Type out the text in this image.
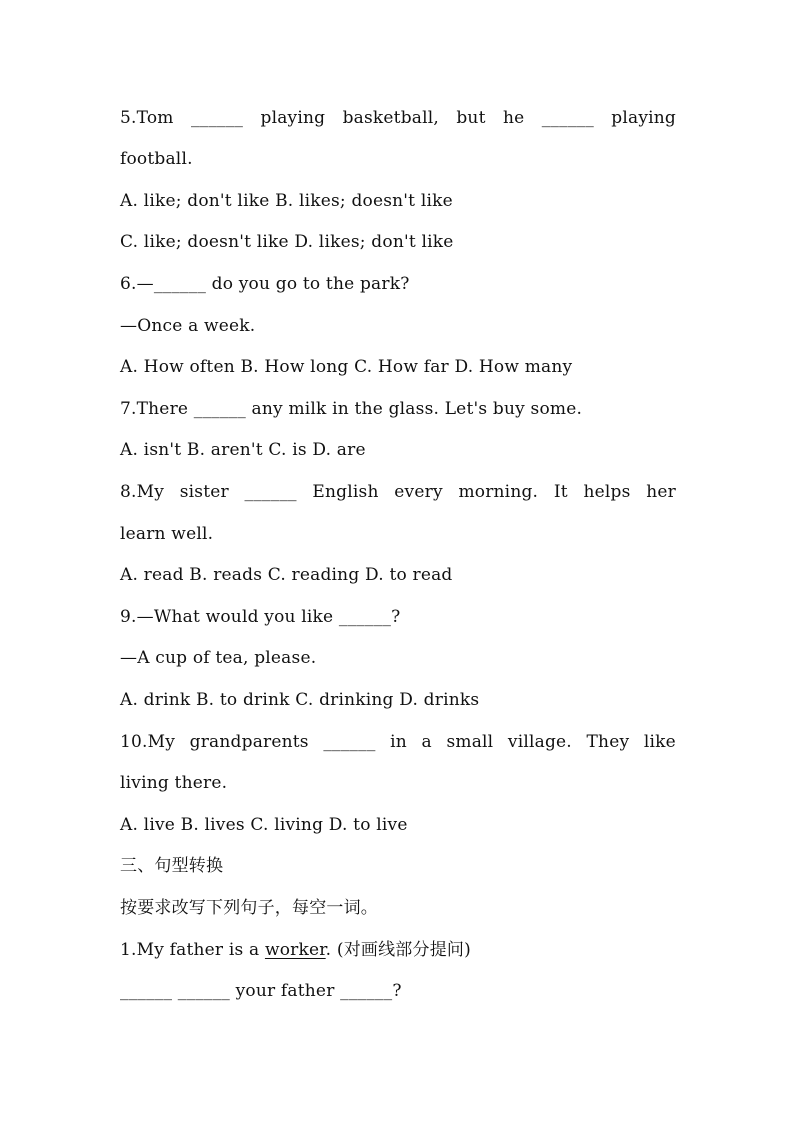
5.Tom ______ playing basketball, but he ______ playing
football.
A. like; don't like B. likes; doesn't like
C. like; doesn't like D. likes; don't like
6.—______ do you go to the park?
—Once a week.
A. How often B. How long C. How far D. How many
7.There ______ any milk in the glass. Let's buy some.
A. isn't B. aren't C. is D. are
8.My sister ______ English every morning. It helps her
learn well.
A. read B. reads C. reading D. to read
9.—What would you like ______?
—A cup of tea, please.
A. drink B. to drink C. drinking D. drinks
10.My grandparents ______ in a small village. They like
living there.
A. live B. lives C. living D. to live
三、句型转换
按要求改写下列句子，每空一词。
1.My father is a worker. (对画线部分提问)
______ ______ your father ______?
